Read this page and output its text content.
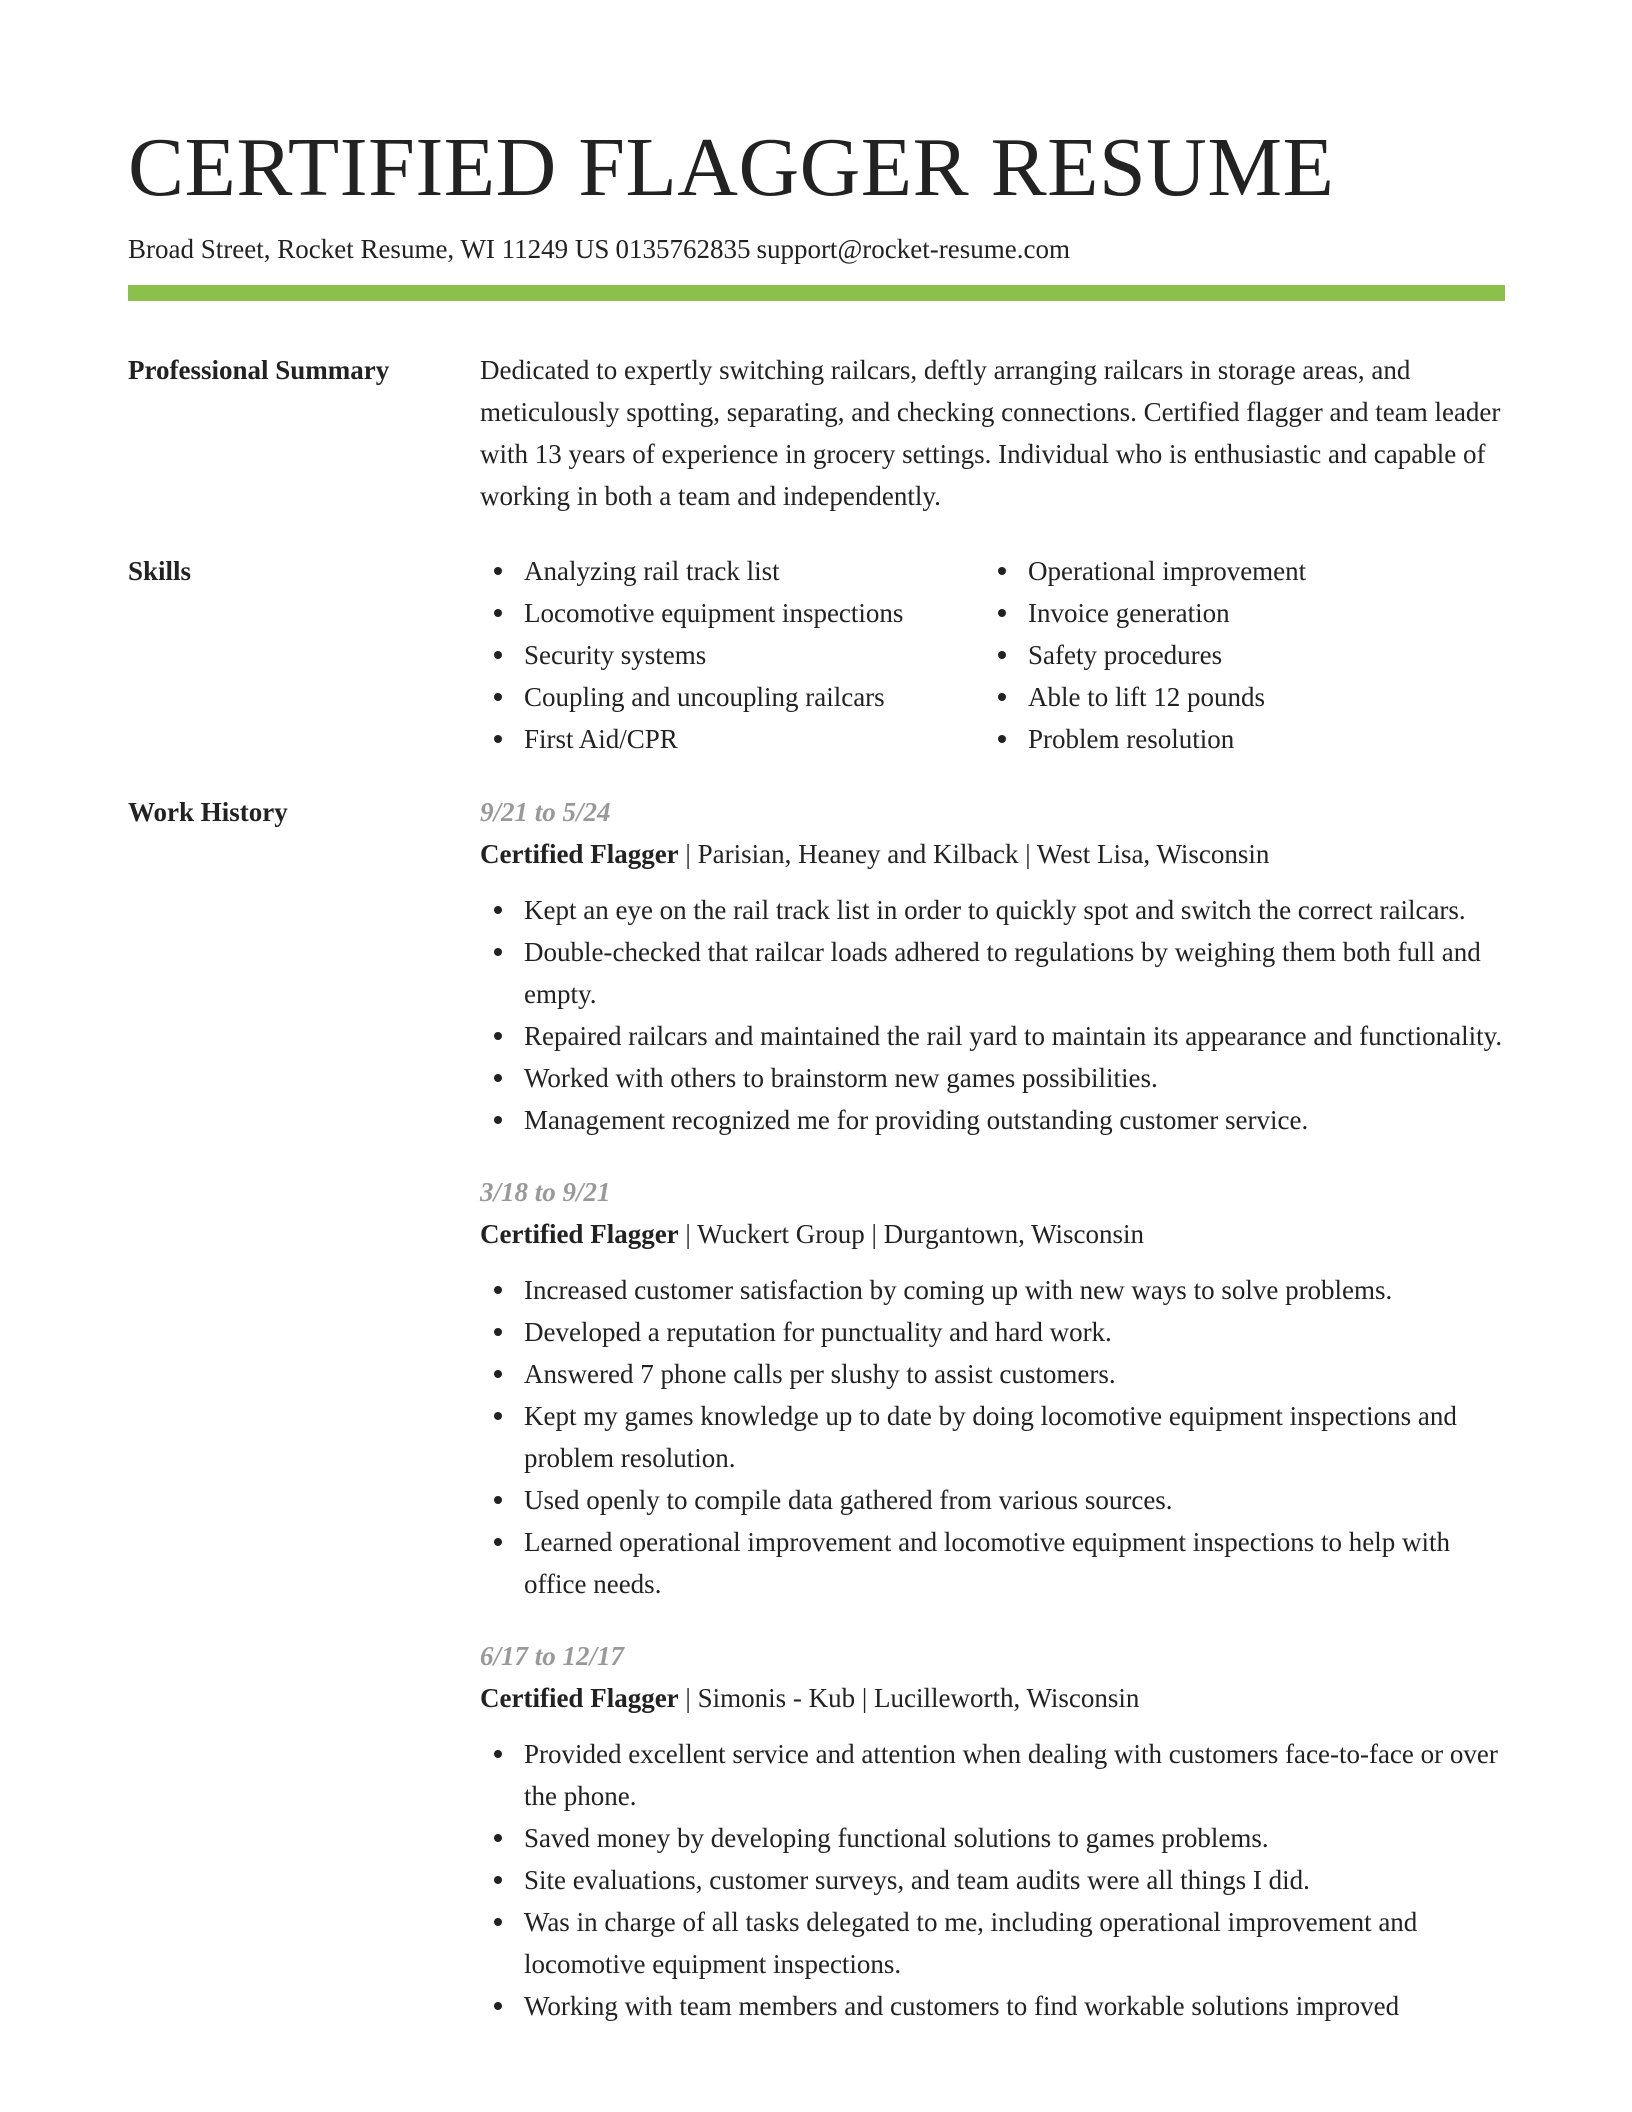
CERTIFIED FLAGGER RESUME
Broad Street, Rocket Resume, WI 11249 US 0135762835 support@rocket-resume.com
Professional Summary	Dedicated to expertly switching railcars, deftly arranging railcars in storage areas, and meticulously spotting, separating, and checking connections. Certified flagger and team leader with 13 years of experience in grocery settings. Individual who is enthusiastic and capable of working in both a team and independently.

Skills	Analyzing rail track list
Locomotive equipment inspections
Security systems
Coupling and uncoupling railcars
First Aid/CPR
Operational improvement
Invoice generation
Safety procedures
Able to lift 12 pounds
Problem resolution
Work History	9/21 to 5/24
Certified Flagger | Parisian, Heaney and Kilback | West Lisa, Wisconsin
Kept an eye on the rail track list in order to quickly spot and switch the correct railcars.
Double-checked that railcar loads adhered to regulations by weighing them both full and empty.
Repaired railcars and maintained the rail yard to maintain its appearance and functionality.
Worked with others to brainstorm new games possibilities.
Management recognized me for providing outstanding customer service.
3/18 to 9/21
Certified Flagger | Wuckert Group | Durgantown, Wisconsin
Increased customer satisfaction by coming up with new ways to solve problems.
Developed a reputation for punctuality and hard work.
Answered 7 phone calls per slushy to assist customers.
Kept my games knowledge up to date by doing locomotive equipment inspections and problem resolution.
Used openly to compile data gathered from various sources.
Learned operational improvement and locomotive equipment inspections to help with office needs.
6/17 to 12/17
Certified Flagger | Simonis - Kub | Lucilleworth, Wisconsin
Provided excellent service and attention when dealing with customers face-to-face or over the phone.
Saved money by developing functional solutions to games problems.
Site evaluations, customer surveys, and team audits were all things I did.
Was in charge of all tasks delegated to me, including operational improvement and locomotive equipment inspections.
Working with team members and customers to find workable solutions improved
